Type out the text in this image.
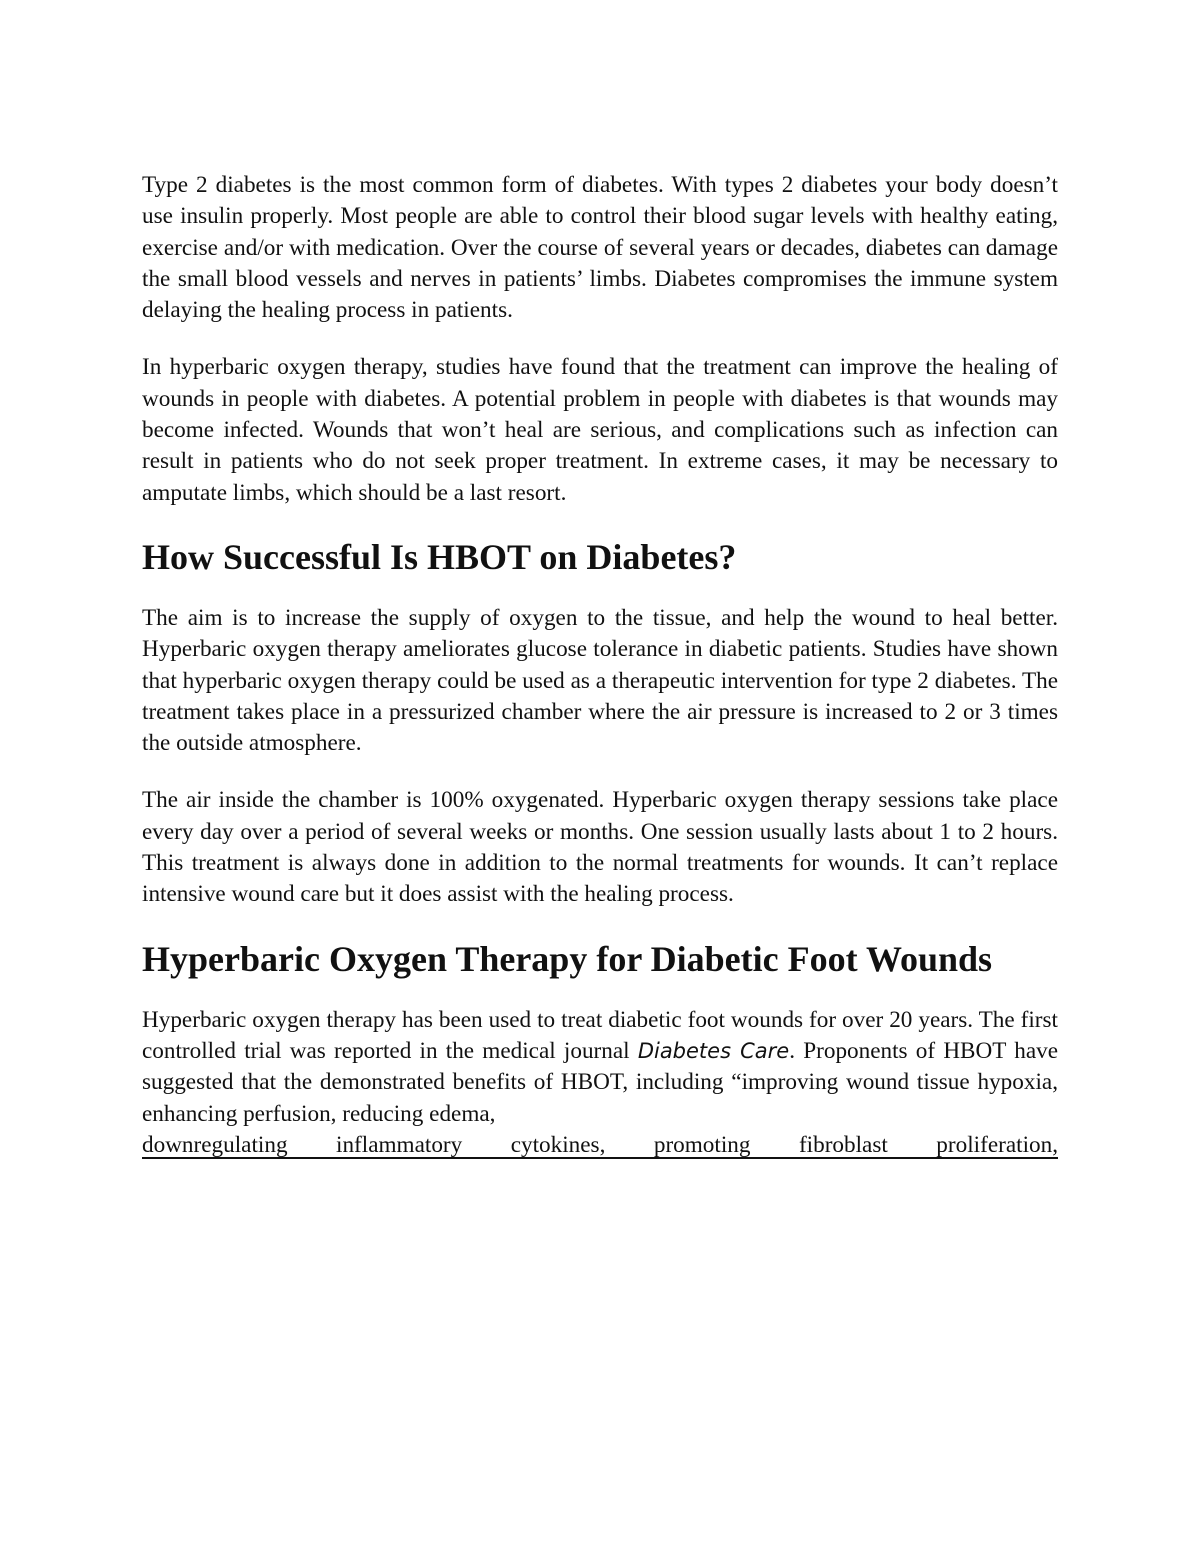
Type 2 diabetes is the most common form of diabetes. With types 2 diabetes your body doesn’t use insulin properly. Most people are able to control their blood sugar levels with healthy eating, exercise and/or with medication. Over the course of several years or decades, diabetes can damage the small blood vessels and nerves in patients’ limbs. Diabetes compromises the immune system delaying the healing process in patients.

In hyperbaric oxygen therapy, studies have found that the treatment can improve the healing of wounds in people with diabetes. A potential problem in people with diabetes is that wounds may become infected. Wounds that won’t heal are serious, and complications such as infection can result in patients who do not seek proper treatment. In extreme cases, it may be necessary to amputate limbs, which should be a last resort.

How Successful Is HBOT on Diabetes?

The aim is to increase the supply of oxygen to the tissue, and help the wound to heal better. Hyperbaric oxygen therapy ameliorates glucose tolerance in diabetic patients. Studies have shown that hyperbaric oxygen therapy could be used as a therapeutic intervention for type 2 diabetes. The treatment takes place in a pressurized chamber where the air pressure is increased to 2 or 3 times the outside atmosphere.

The air inside the chamber is 100% oxygenated. Hyperbaric oxygen therapy sessions take place every day over a period of several weeks or months. One session usually lasts about 1 to 2 hours. This treatment is always done in addition to the normal treatments for wounds. It can’t replace intensive wound care but it does assist with the healing process.

Hyperbaric Oxygen Therapy for Diabetic Foot Wounds

Hyperbaric oxygen therapy has been used to treat diabetic foot wounds for over 20 years. The first controlled trial was reported in the medical journal Diabetes Care. Proponents of HBOT have suggested that the demonstrated benefits of HBOT, including “improving wound tissue hypoxia, enhancing perfusion, reducing edema,
downregulating inflammatory cytokines, promoting fibroblast proliferation,
